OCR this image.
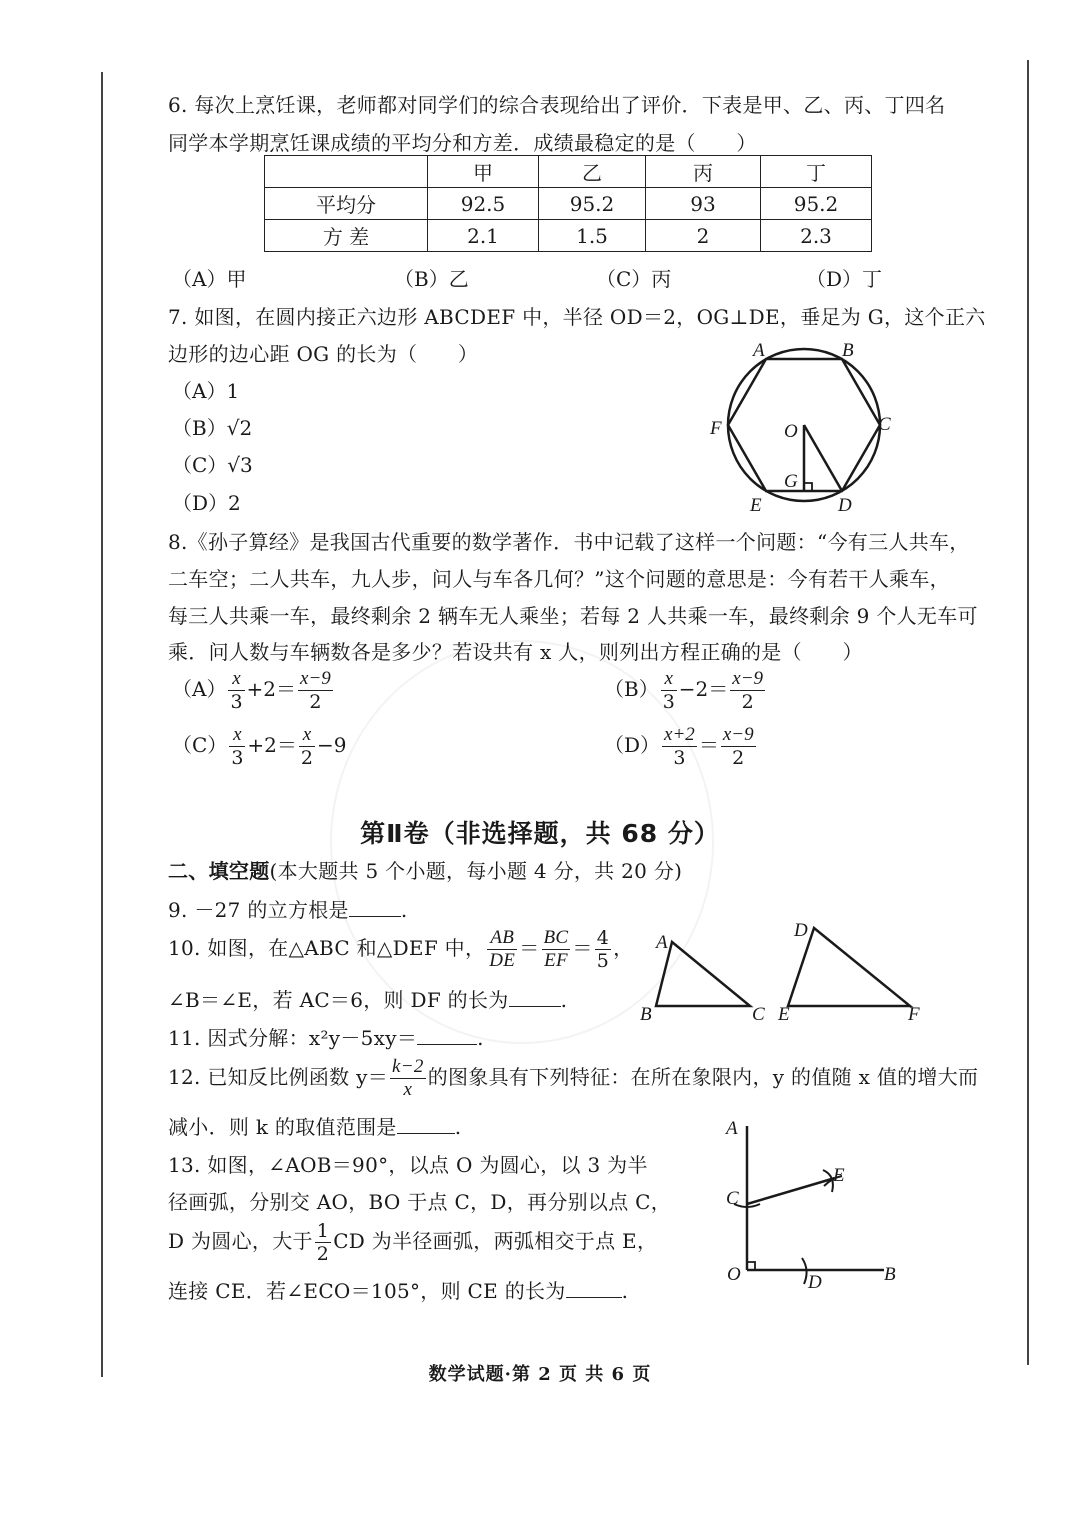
6. 每次上烹饪课，老师都对同学们的综合表现给出了评价．下表是甲、乙、丙、丁四名
同学本学期烹饪课成绩的平均分和方差．成绩最稳定的是（　　）
	甲	乙	丙	丁
平均分	92.5	95.2	93	95.2
方 差	2.1	1.5	2	2.3
（A）甲	（B）乙	（C）丙	（D）丁
7. 如图，在圆内接正六边形 ABCDEF 中，半径 OD＝2，OG⊥DE，垂足为 G，这个正六
边形的边心距 OG 的长为（　　）
（A）1
（B）√2
（C）√3
（D）2
A	B
C
D
E
F	O
G
8.《孙子算经》是我国古代重要的数学著作．书中记载了这样一个问题：“今有三人共车，
二车空；二人共车，九人步，问人与车各几何？”这个问题的意思是：今有若干人乘车，
每三人共乘一车，最终剩余 2 辆车无人乘坐；若每 2 人共乘一车，最终剩余 9 个人无车可
乘．问人数与车辆数各是多少？若设共有 x 人，则列出方程正确的是（　　）
$(A) \frac{x}{3} +2= \frac{x-9}{2}$	$(B) \frac{x}{3} -2= \frac{x-9}{2}$
$(C) \frac{x}{3} +2= \frac{x}{2} -9$	$(D) \frac{x+2}{3} = \frac{x-9}{2}$
第Ⅱ卷（非选择题，共 68 分）
二、填空题(本大题共 5 个小题，每小题 4 分，共 20 分)
9. －27 的立方根是	.
10. 如图，在△ABC 和△DEF 中， $\frac{AB}{DE} = \frac{BC}{EF} = \frac{4}{5}$ ，
∠B＝∠E，若 AC＝6，则 DF 的长为	.
A
B	C
D
E	F
11. 因式分解：x²y－5xy＝	.
12. 已知反比例函数 $y= \frac{k-2}{x}$ 的图象具有下列特征：在所在象限内，y 的值随 x 值的增大而
减小．则 k 的取值范围是	.
13. 如图，∠AOB＝90°，以点 O 为圆心，以 3 为半
径画弧，分别交 AO，BO 于点 C，D，再分别以点 C，
D 为圆心，大于 $\frac{1}{2}$ CD 为半径画弧，两弧相交于点 E，
连接 CE．若∠ECO＝105°，则 CE 的长为	.
A
B
C
D
E
O
数学试题·第 2 页 共 6 页
